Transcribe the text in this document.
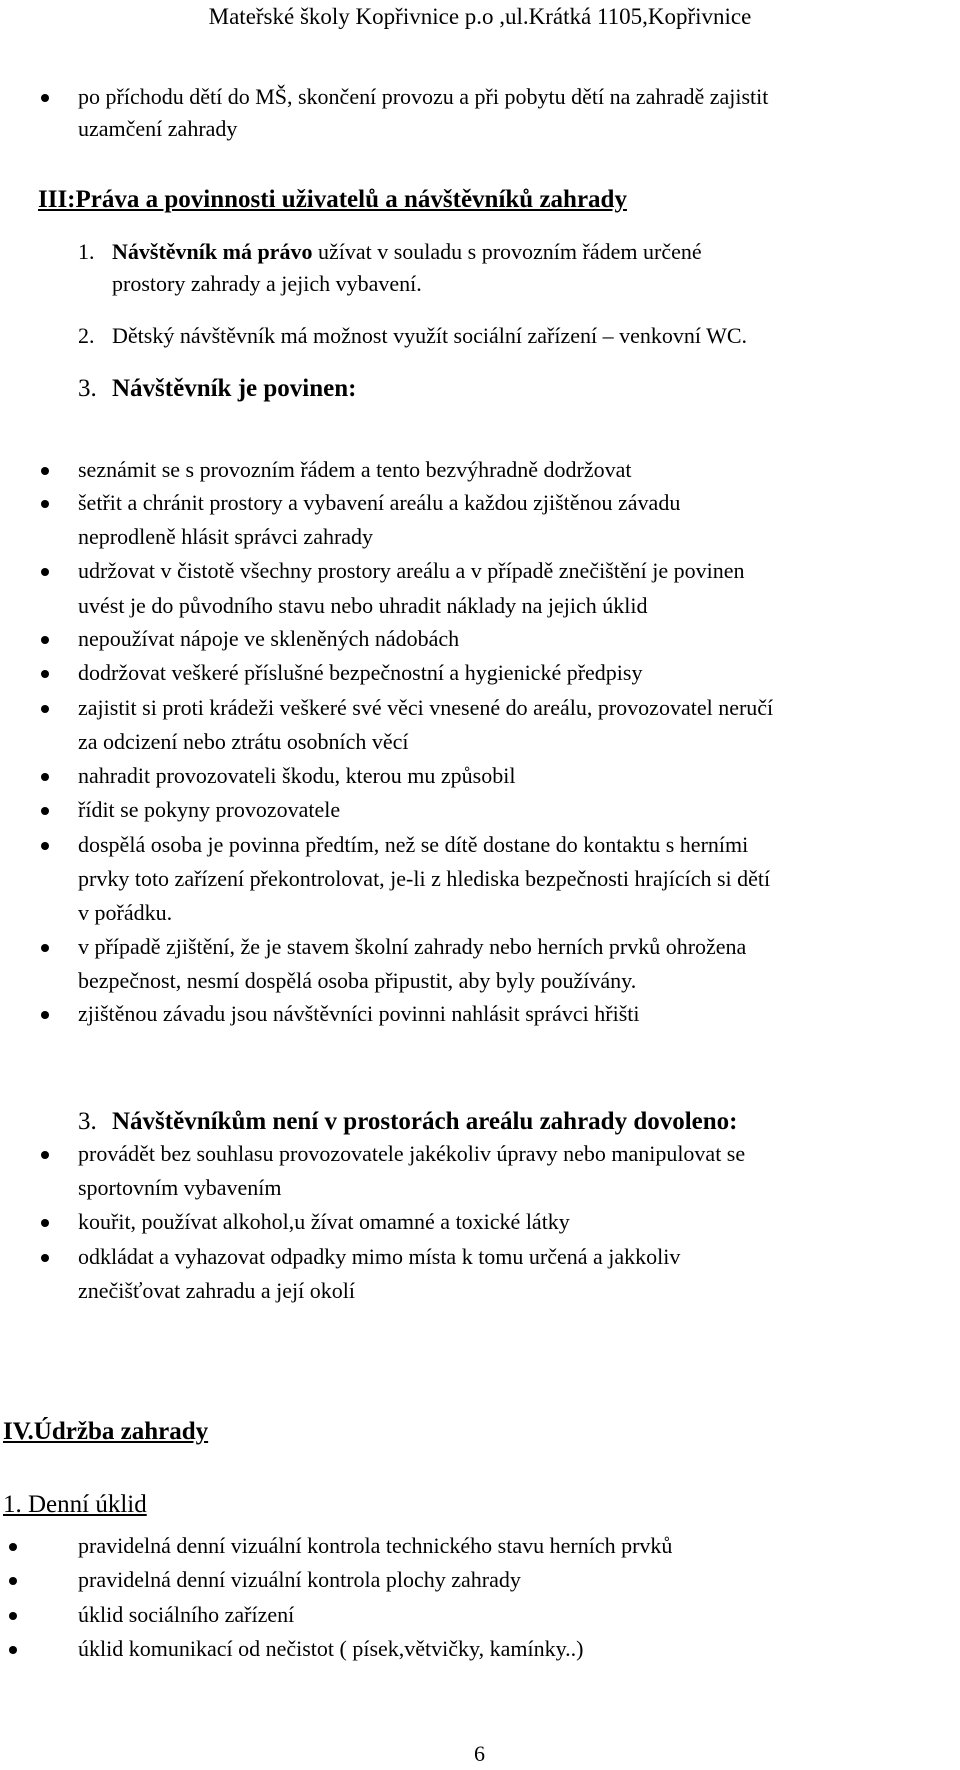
Mateřské školy Kopřivnice p.o ,ul.Krátká 1105,Kopřivnice
po příchodu dětí do MŠ, skončení provozu a při pobytu dětí na zahradě zajistit
uzamčení zahrady
III:Práva a povinnosti uživatelů a návštěvníků zahrady
1. Návštěvník má právo užívat v souladu s provozním řádem určené
prostory zahrady a jejich vybavení.
2. Dětský návštěvník má možnost využít sociální zařízení – venkovní WC.
3. Návštěvník je povinen:
seznámit se s provozním řádem a tento bezvýhradně dodržovat
šetřit a chránit prostory a vybavení areálu a každou zjištěnou závadu
neprodleně hlásit správci zahrady
udržovat v čistotě všechny prostory areálu a v případě znečištění je povinen
uvést je do původního stavu nebo uhradit náklady na jejich úklid
nepoužívat nápoje ve skleněných nádobách
dodržovat veškeré příslušné bezpečnostní a hygienické předpisy
zajistit si proti krádeži veškeré své věci vnesené do areálu, provozovatel neručí
za odcizení nebo ztrátu osobních věcí
nahradit provozovateli škodu, kterou mu způsobil
řídit se pokyny provozovatele
dospělá osoba je povinna předtím, než se dítě dostane do kontaktu s herními
prvky toto zařízení překontrolovat, je-li z hlediska bezpečnosti hrajících si dětí
v pořádku.
v případě zjištění, že je stavem školní zahrady nebo herních prvků ohrožena
bezpečnost, nesmí dospělá osoba připustit, aby byly používány.
zjištěnou závadu jsou návštěvníci povinni nahlásit správci hřišti
3. Návštěvníkům není v prostorách areálu zahrady dovoleno:
provádět bez souhlasu provozovatele jakékoliv úpravy nebo manipulovat se
sportovním vybavením
kouřit, používat alkohol,u žívat omamné a toxické látky
odkládat a vyhazovat odpadky mimo místa k tomu určená a jakkoliv
znečišťovat zahradu a její okolí
IV.Údržba zahrady
1. Denní úklid
pravidelná denní vizuální kontrola technického stavu herních prvků
pravidelná denní vizuální kontrola plochy zahrady
úklid sociálního zařízení
úklid komunikací od nečistot ( písek,větvičky, kamínky..)
6
